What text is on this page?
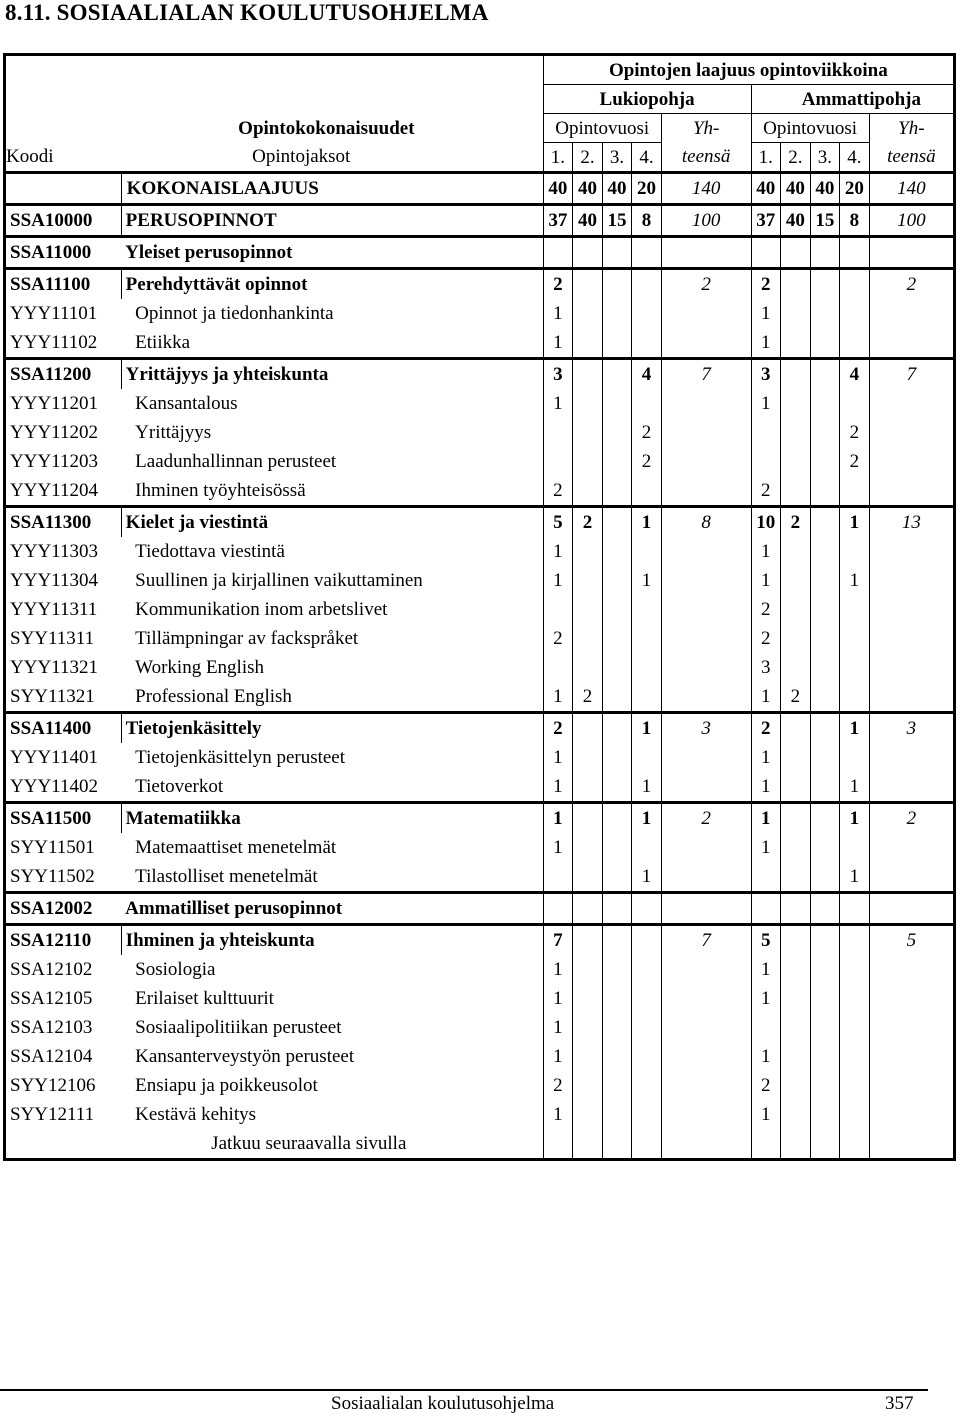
8.11. SOSIAALIALAN KOULUTUSOHJELMA
		Opintojen laajuus opintoviikkoina									
		Lukiopohja					Ammattipohja				
	Opintokokonaisuudet	Opintovuosi				Yh-	Opintovuosi				Yh-
Koodi	Opintojaksot	1.	2.	3.	4.	teensä	1.	2.	3.	4.	teensä
	KOKONAISLAAJUUS	40	40	40	20	140	40	40	40	20	140
SSA10000	PERUSOPINNOT	37	40	15	8	100	37	40	15	8	100
SSA11000	Yleiset perusopinnot										
SSA11100	Perehdyttävät opinnot	2				2	2				2
YYY11101	Opinnot ja tiedonhankinta	1					1				
YYY11102	Etiikka	1					1				
SSA11200	Yrittäjyys ja yhteiskunta	3			4	7	3			4	7
YYY11201	Kansantalous	1					1				
YYY11202	Yrittäjyys				2					2	
YYY11203	Laadunhallinnan perusteet				2					2	
YYY11204	Ihminen työyhteisössä	2					2				
SSA11300	Kielet ja viestintä	5	2		1	8	10	2		1	13
YYY11303	Tiedottava viestintä	1					1				
YYY11304	Suullinen ja kirjallinen vaikuttaminen	1			1		1			1	
YYY11311	Kommunikation inom arbetslivet						2				
SYY11311	Tillämpningar av fackspråket	2					2				
YYY11321	Working English						3				
SYY11321	Professional English	1	2				1	2			
SSA11400	Tietojenkäsittely	2			1	3	2			1	3
YYY11401	Tietojenkäsittelyn perusteet	1					1				
YYY11402	Tietoverkot	1			1		1			1	
SSA11500	Matematiikka	1			1	2	1			1	2
SYY11501	Matemaattiset menetelmät	1					1				
SYY11502	Tilastolliset menetelmät				1					1	
SSA12002	Ammatilliset perusopinnot										
SSA12110	Ihminen ja yhteiskunta	7				7	5				5
SSA12102	Sosiologia	1					1				
SSA12105	Erilaiset kulttuurit	1					1				
SSA12103	Sosiaalipolitiikan perusteet	1									
SSA12104	Kansanterveystyön perusteet	1					1				
SYY12106	Ensiapu ja poikkeusolot	2					2				
SYY12111	Kestävä kehitys	1					1				
	Jatkuu seuraavalla sivulla										
Sosiaalialan koulutusohjelma	357
